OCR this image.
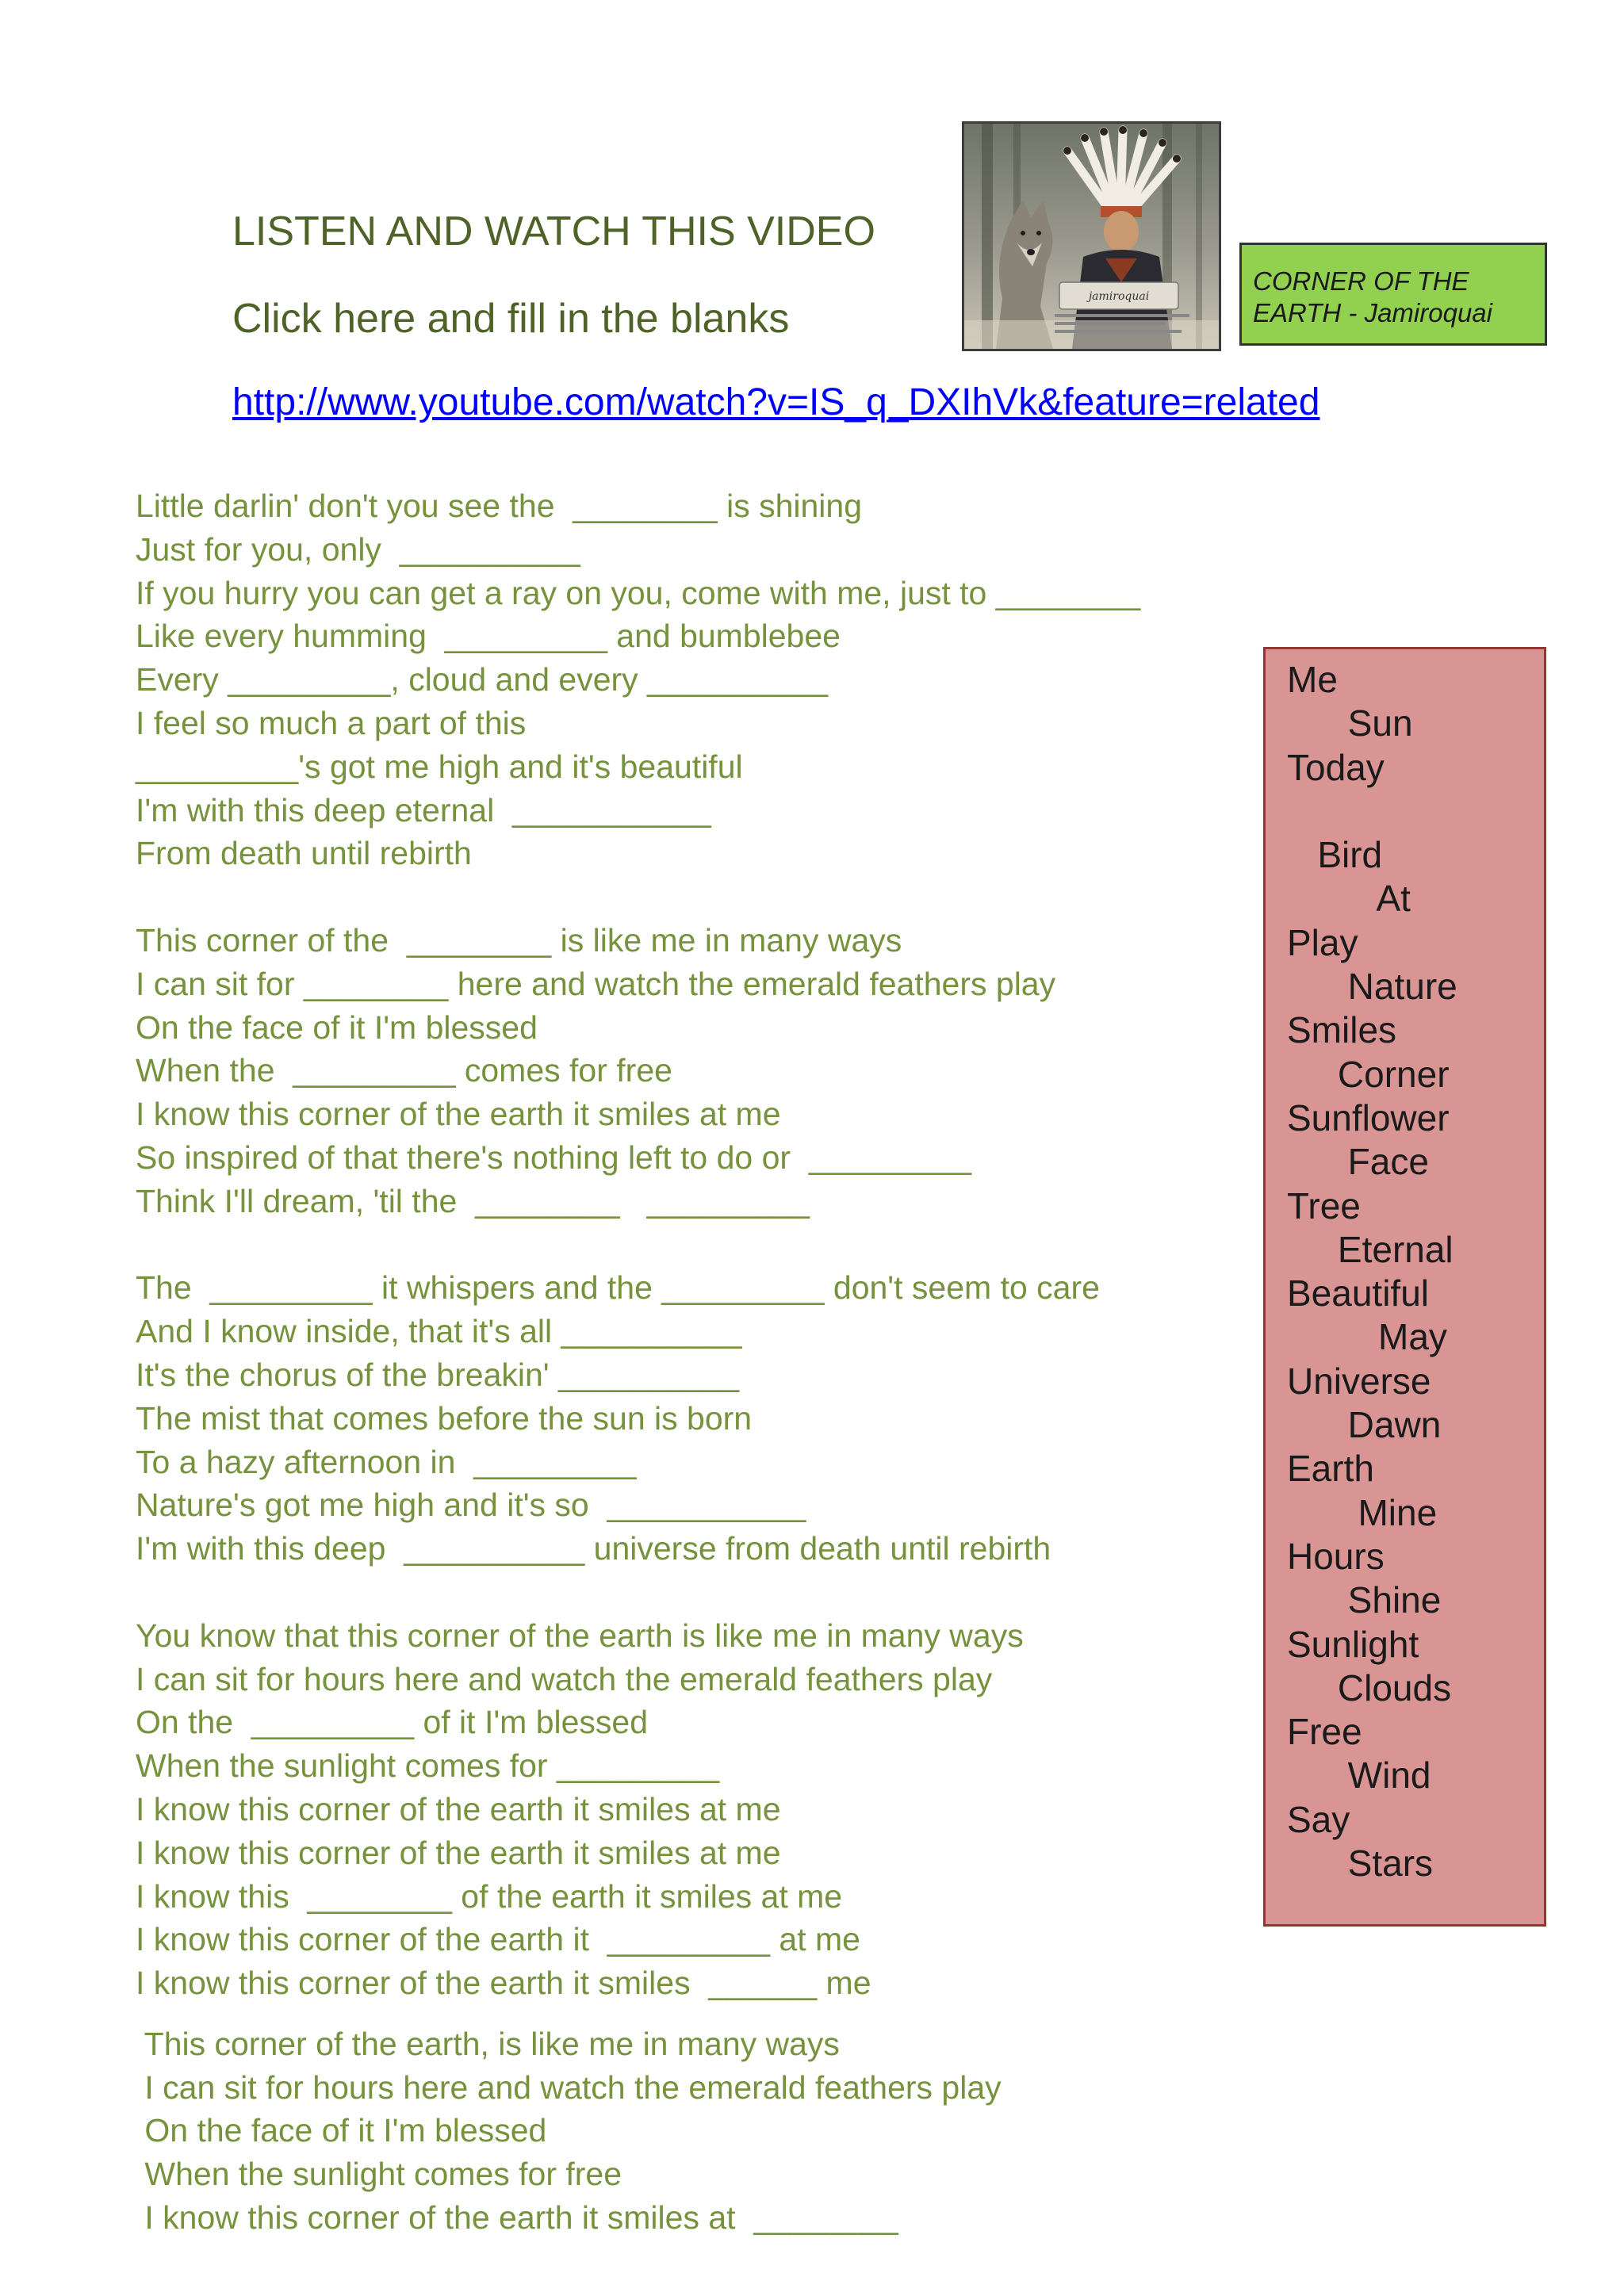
LISTEN AND WATCH THIS VIDEO
Click here and fill in the blanks
http://www.youtube.com/watch?v=IS_q_DXIhVk&feature=related
jamiroquai
CORNER OF THE
EARTH - Jamiroquai
Little darlin' don't you see the  ________ is shining
Just for you, only  __________
If you hurry you can get a ray on you, come with me, just to ________
Like every humming  _________ and bumblebee
Every _________, cloud and every __________
I feel so much a part of this
_________'s got me high and it's beautiful
I'm with this deep eternal  ___________
From death until rebirth
This corner of the  ________ is like me in many ways
I can sit for ________ here and watch the emerald feathers play
On the face of it I'm blessed
When the  _________ comes for free
I know this corner of the earth it smiles at me
So inspired of that there's nothing left to do or  _________
Think I'll dream, 'til the  ________   _________
The  _________ it whispers and the _________ don't seem to care
And I know inside, that it's all __________
It's the chorus of the breakin' __________
The mist that comes before the sun is born
To a hazy afternoon in  _________
Nature's got me high and it's so  ___________
I'm with this deep  __________ universe from death until rebirth
You know that this corner of the earth is like me in many ways
I can sit for hours here and watch the emerald feathers play
On the  _________ of it I'm blessed
When the sunlight comes for _________
I know this corner of the earth it smiles at me
I know this corner of the earth it smiles at me
I know this  ________ of the earth it smiles at me
I know this corner of the earth it  _________ at me
I know this corner of the earth it smiles  ______ me
This corner of the earth, is like me in many ways
I can sit for hours here and watch the emerald feathers play
On the face of it I'm blessed
When the sunlight comes for free
I know this corner of the earth it smiles at  ________
Me
Sun
Today
Bird
At
Play
Nature
Smiles
Corner
Sunflower
Face
Tree
Eternal
Beautiful
May
Universe
Dawn
Earth
Mine
Hours
Shine
Sunlight
Clouds
Free
Wind
Say
Stars
